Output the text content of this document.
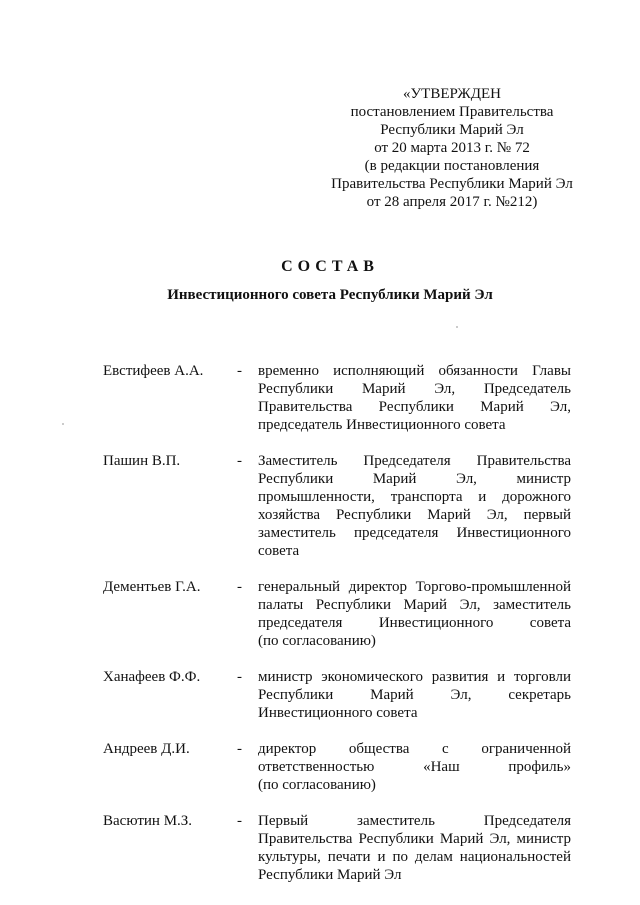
«УТВЕРЖДЕН
постановлением Правительства
Республики Марий Эл
от 20 марта 2013 г. № 72
(в редакции постановления
Правительства Республики Марий Эл
от 28 апреля 2017 г. №212)
СОСТАВ
Инвестиционного совета Республики Марий Эл
Евстифеев А.А. - временно исполняющий обязанности Главы
Республики Марий Эл, Председатель
Правительства Республики Марий Эл,
председатель Инвестиционного совета
Пашин В.П.	- Заместитель Председателя Правительства
Республики Марий Эл, министр
промышленности, транспорта и дорожного
хозяйства Республики Марий Эл, первый
заместитель председателя Инвестиционного
совета
Дементьев Г.А. - генеральный директор Торгово-промышленной
палаты Республики Марий Эл, заместитель
председателя Инвестиционного совета
(по согласованию)
Ханафеев Ф.Ф. - министр экономического развития и торговли
Республики Марий Эл, секретарь
Инвестиционного совета
Андреев Д.И.	- директор общества с ограниченной
ответственностью «Наш профиль»
(по согласованию)
Васютин М.З.	- Первый заместитель Председателя
Правительства Республики Марий Эл, министр
культуры, печати и по делам национальностей
Республики Марий Эл
